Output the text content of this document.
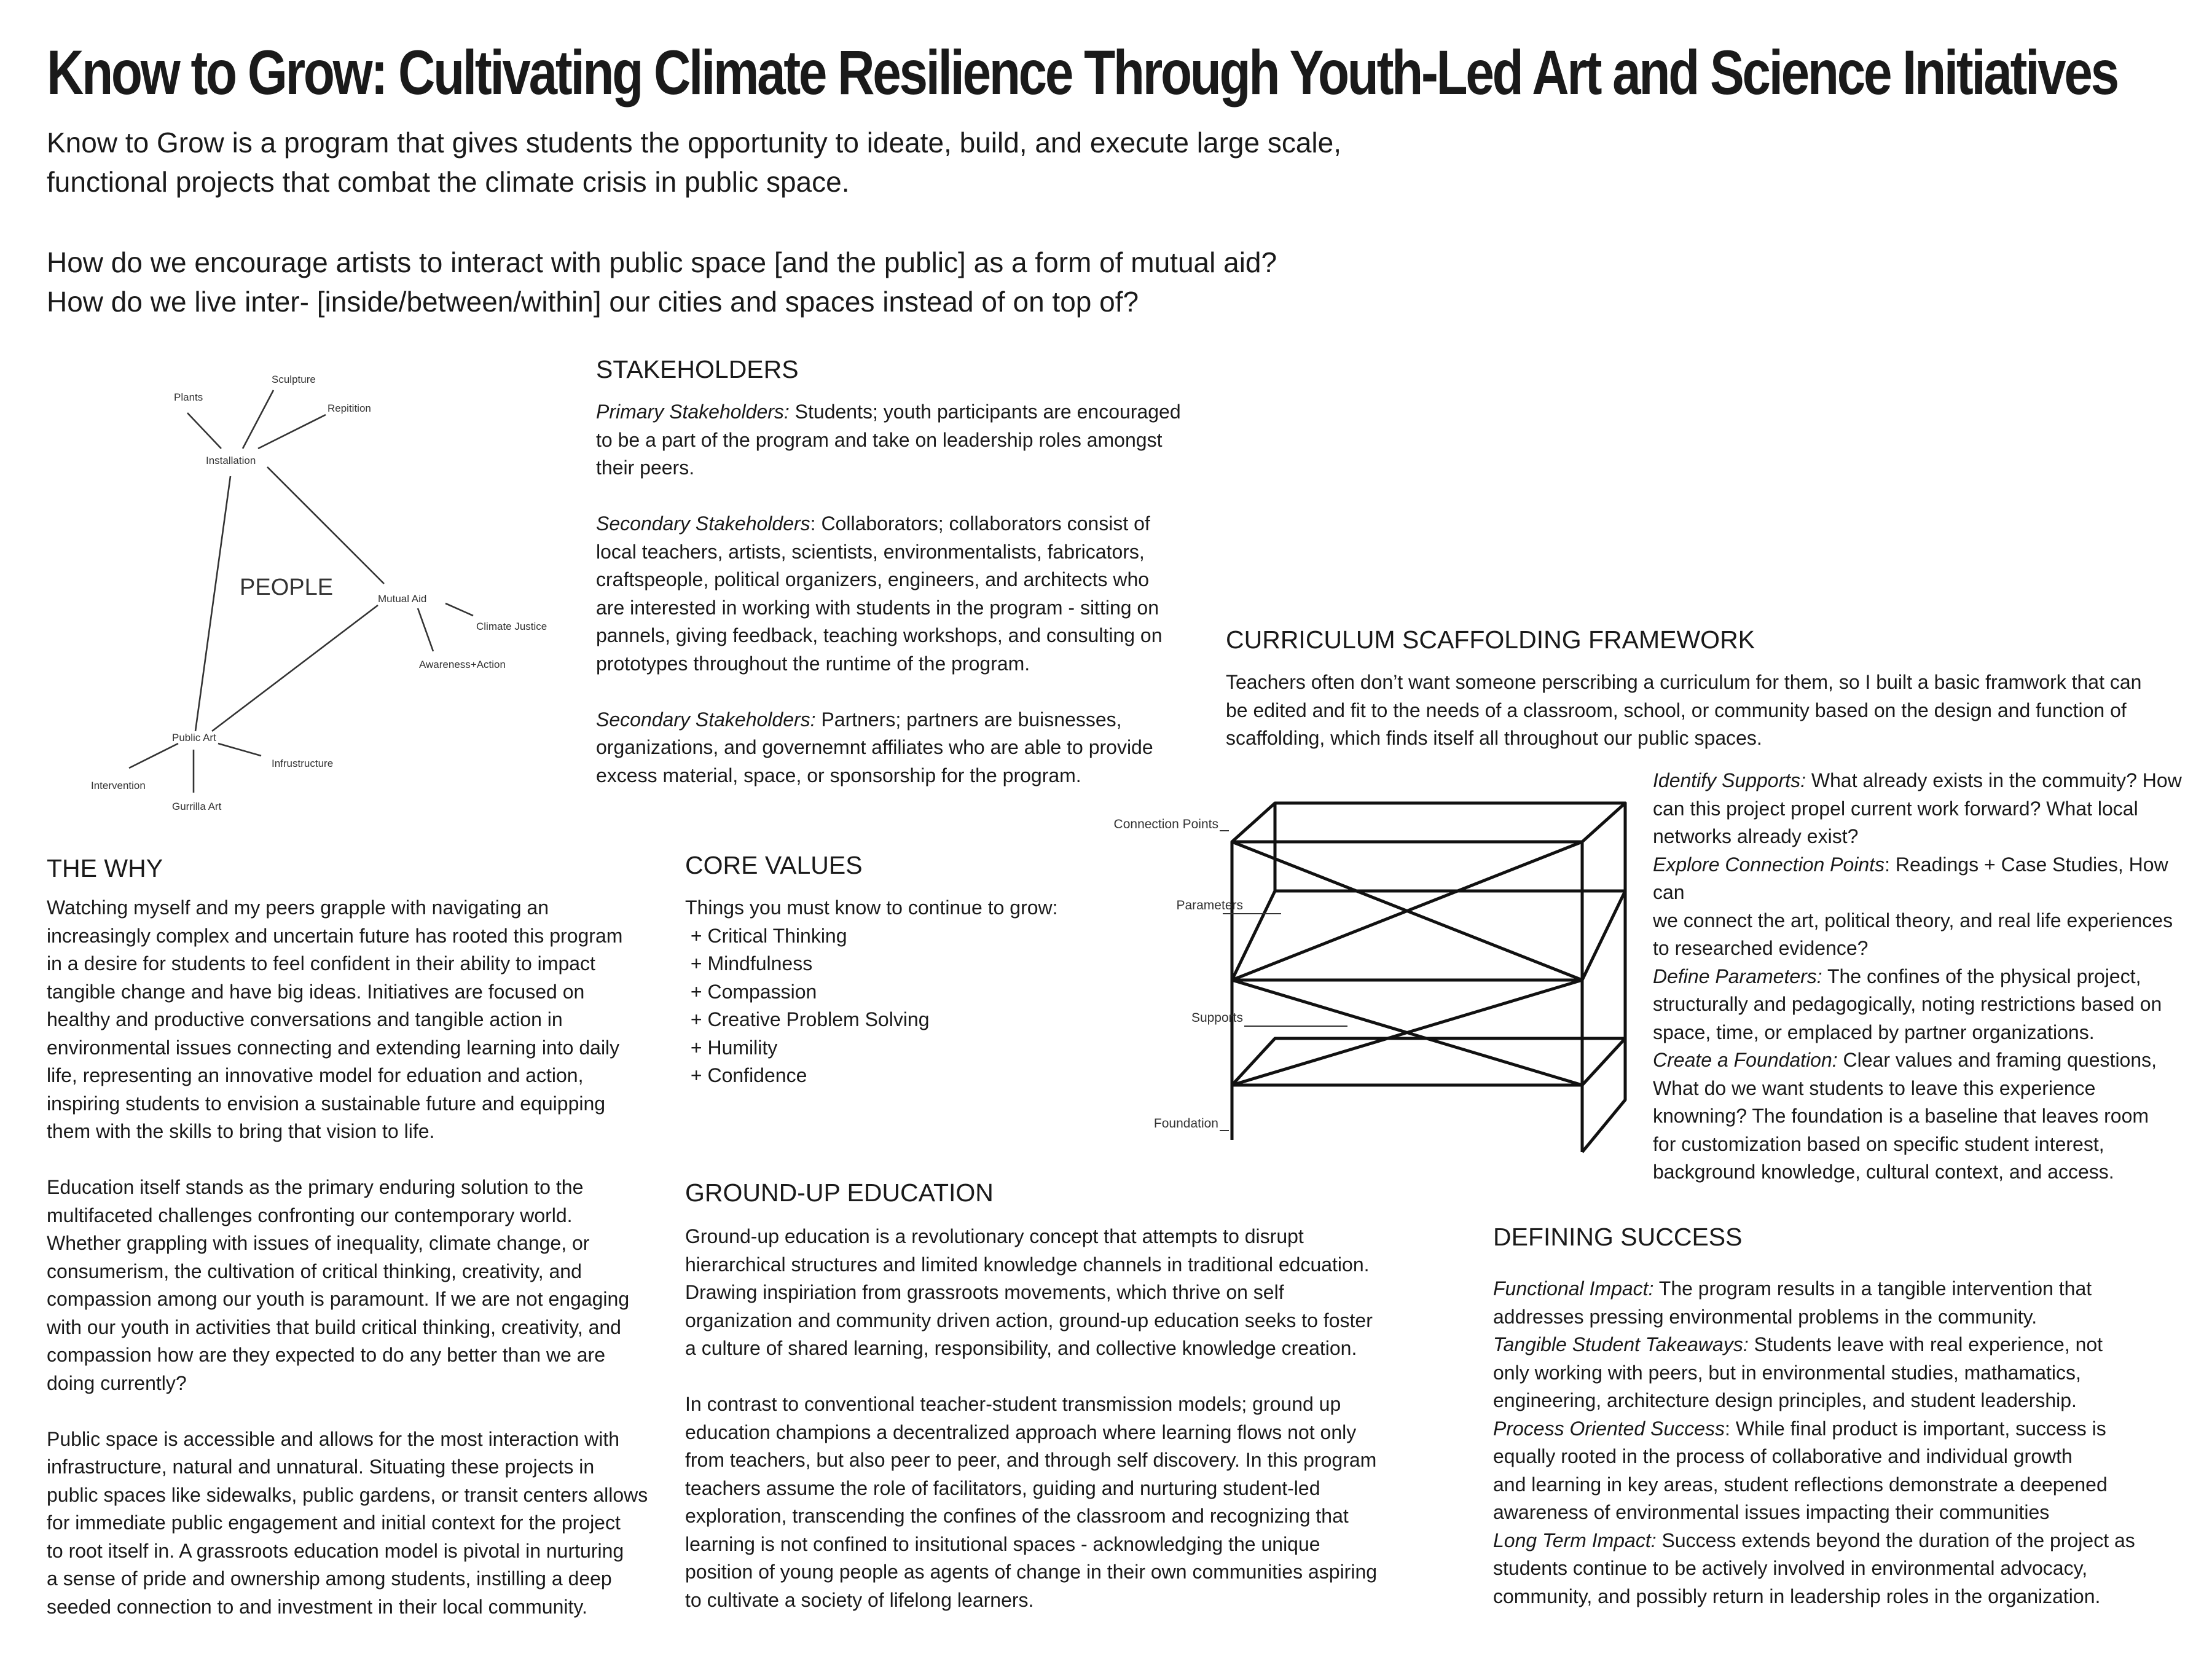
Know to Grow: Cultivating Climate Resilience Through Youth-Led Art and Science Initiatives
Know to Grow is a program that gives students the opportunity to ideate, build, and execute large scale,
functional projects that combat the climate crisis in public space.
How do we encourage artists to interact with public space [and the public] as a form of mutual aid?
How do we live inter- [inside/between/within] our cities and spaces instead of on top of?
Plants
Sculpture
Repitition
Installation
Mutual Aid
Climate Justice
Awareness+Action
Public Art
Infrustructure
Intervention
Gurrilla Art
PEOPLE
STAKEHOLDERS

Primary Stakeholders: Students; youth participants are encouraged

to be a part of the program and take on leadership roles amongst

their peers.

Secondary Stakeholders: Collaborators; collaborators consist of

local teachers, artists, scientists, environmentalists, fabricators,

craftspeople, political organizers, engineers, and architects who

are interested in working with students in the program - sitting on

pannels, giving feedback, teaching workshops, and consulting on

prototypes throughout the runtime of the program.

Secondary Stakeholders: Partners; partners are buisnesses,

organizations, and governemnt affiliates who are able to provide

excess material, space, or sponsorship for the program.

THE WHY

Watching myself and my peers grapple with navigating an

increasingly complex and uncertain future has rooted this program

in a desire for students to feel confident in their ability to impact

tangible change and have big ideas. Initiatives are focused on

healthy and productive conversations and tangible action in

environmental issues connecting and extending learning into daily

life, representing an innovative model for eduation and action,

inspiring students to envision a sustainable future and equipping

them with the skills to bring that vision to life.

Education itself stands as the primary enduring solution to the

multifaceted challenges confronting our contemporary world.

Whether grappling with issues of inequality, climate change, or

consumerism, the cultivation of critical thinking, creativity, and

compassion among our youth is paramount. If we are not engaging

with our youth in activities that build critical thinking, creativity, and

compassion how are they expected to do any better than we are

doing currently?

Public space is accessible and allows for the most interaction with

infrastructure, natural and unnatural. Situating these projects in

public spaces like sidewalks, public gardens, or transit centers allows

for immediate public engagement and initial context for the project

to root itself in. A grassroots education model is pivotal in nurturing

a sense of pride and ownership among students, instilling a deep

seeded connection to and investment in their local community.

CORE VALUES
Things you must know to continue to grow:
+ Critical Thinking
+ Mindfulness
+ Compassion
+ Creative Problem Solving
+ Humility
+ Confidence
GROUND-UP EDUCATION

Ground-up education is a revolutionary concept that attempts to disrupt

hierarchical structures and limited knowledge channels in traditional edcuation.

Drawing inspiriation from grassroots movements, which thrive on self

organization and community driven action, ground-up education seeks to foster

a culture of shared learning, responsibility, and collective knowledge creation.

In contrast to conventional teacher-student transmission models; ground up

education champions a decentralized approach where learning flows not only

from teachers, but also peer to peer, and through self discovery. In this program

teachers assume the role of facilitators, guiding and nurturing student-led

exploration, transcending the confines of the classroom and recognizing that

learning is not confined to insitutional spaces - acknowledging the unique

position of young people as agents of change in their own communities aspiring

to cultivate a society of lifelong learners.

CURRICULUM SCAFFOLDING FRAMEWORK

Teachers often don’t want someone perscribing a curriculum for them, so I built a basic framwork that can

be edited and fit to the needs of a classroom, school, or community based on the design and function of

scaffolding, which finds itself all throughout our public spaces.

Connection Points
Parameters
Supports
Foundation

Identify Supports: What already exists in the commuity? How

can this project propel current work forward? What local

networks already exist?

Explore Connection Points: Readings + Case Studies, How can

we connect the art, political theory, and real life experiences

to researched evidence?

Define Parameters: The confines of the physical project,

structurally and pedagogically, noting restrictions based on

space, time, or emplaced by partner organizations.

Create a Foundation: Clear values and framing questions,

What do we want students to leave this experience

knowning? The foundation is a baseline that leaves room

for customization based on specific student interest,

background knowledge, cultural context, and access.

DEFINING SUCCESS

Functional Impact: The program results in a tangible intervention that

addresses pressing environmental problems in the community.

Tangible Student Takeaways: Students leave with real experience, not

only working with peers, but in environmental studies, mathamatics,

engineering, architecture design principles, and student leadership.

Process Oriented Success: While final product is important, success is

equally rooted in the process of collaborative and individual growth

and learning in key areas, student reflections demonstrate a deepened

awareness of environmental issues impacting their communities

Long Term Impact: Success extends beyond the duration of the project as

students continue to be actively involved in environmental advocacy,

community, and possibly return in leadership roles in the organization.
